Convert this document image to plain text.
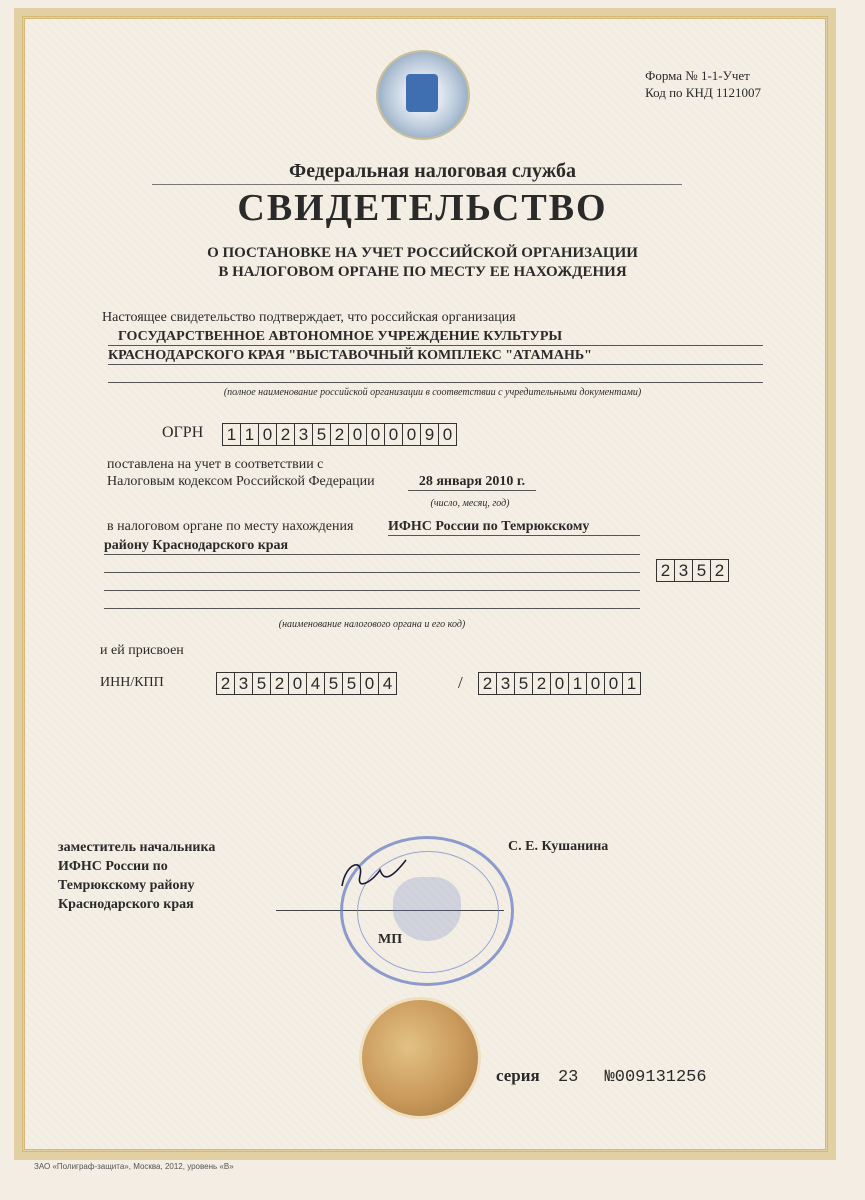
Форма № 1-1-Учет
Код по КНД 1121007
Федеральная налоговая служба
СВИДЕТЕЛЬСТВО
О ПОСТАНОВКЕ НА УЧЕТ РОССИЙСКОЙ ОРГАНИЗАЦИИ
В НАЛОГОВОМ ОРГАНЕ ПО МЕСТУ ЕЕ НАХОЖДЕНИЯ
Настоящее свидетельство подтверждает, что российская организация
ГОСУДАРСТВЕННОЕ АВТОНОМНОЕ УЧРЕЖДЕНИЕ КУЛЬТУРЫ
КРАСНОДАРСКОГО КРАЯ "ВЫСТАВОЧНЫЙ КОМПЛЕКС "АТАМАНЬ"
(полное наименование российской организации в соответствии с учредительными документами)
ОГРН 1 1 0 2 3 5 2 0 0 0 0 9 0
поставлена на учет в соответствии с
Налоговым кодексом Российской Федерации	28 января 2010 г.
(число, месяц, год)
в налоговом органе по месту нахождения ИФНС России по Темрюкскому
району Краснодарского края
2 3 5 2
(наименование налогового органа и его код)
и ей присвоен
ИНН/КПП	2 3 5 2 0 4 5 5 0 4	/ 2 3 5 2 0 1 0 0 1
заместитель начальника
ИФНС России по
Темрюкскому району
Краснодарского края
С. Е. Кушанина
МП
серия 23 №009131256
ЗАО «Полиграф-защита», Москва, 2012, уровень «В»
